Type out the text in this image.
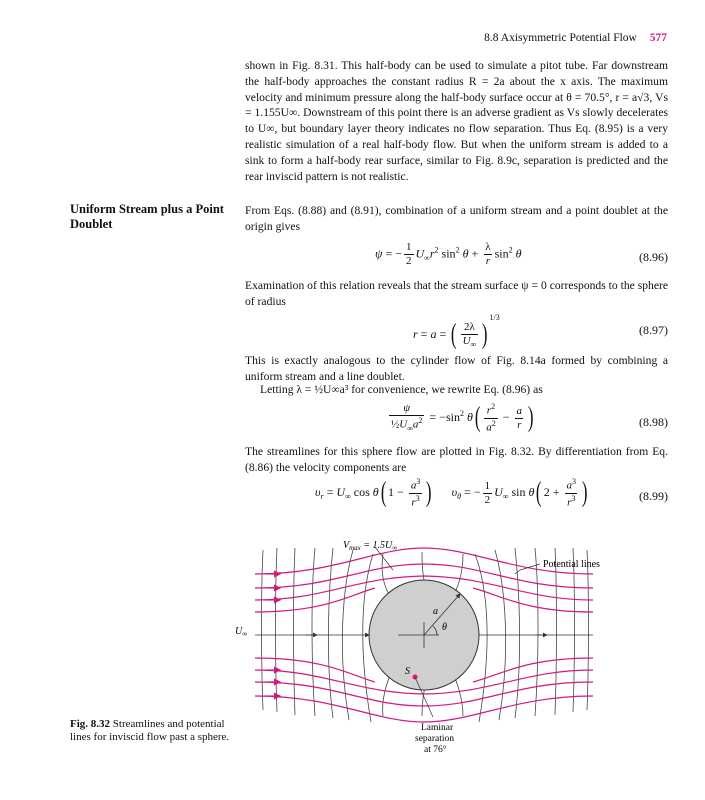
8.8 Axisymmetric Potential Flow 577
shown in Fig. 8.31. This half-body can be used to simulate a pitot tube. Far downstream the half-body approaches the constant radius R = 2a about the x axis. The maximum velocity and minimum pressure along the half-body surface occur at θ = 70.5°, r = a√3, Vs = 1.155U∞. Downstream of this point there is an adverse gradient as Vs slowly decelerates to U∞, but boundary layer theory indicates no flow separation. Thus Eq. (8.95) is a very realistic simulation of a real half-body flow. But when the uniform stream is added to a sink to form a half-body rear surface, similar to Fig. 8.9c, separation is predicted and the rear inviscid pattern is not realistic.
Uniform Stream plus a Point Doublet
From Eqs. (8.88) and (8.91), combination of a uniform stream and a point doublet at the origin gives
ψ = − $\frac{1}{2} U_\infty r^2$ $\sin^2 \theta + \frac{\lambda}{r} \sin^2 \theta$	(8.96)
Examination of this relation reveals that the stream surface ψ = 0 corresponds to the sphere of radius
r = a = ( $\frac{2\lambda}{U_\infty} )^{1/3}$
(8.97)
This is exactly analogous to the cylinder flow of Fig. 8.14a formed by combining a uniform stream and a line doublet.
Letting λ = ½U∞a³ for convenience, we rewrite Eq. (8.96) as
$\frac{\psi}{\frac{1}{2}U_\infty a^2} = -\sin^2$ $\theta( \frac{r^2}{a^2} - \frac{a}{r}$ )	(8.98)
The streamlines for this sphere flow are plotted in Fig. 8.32. By differentiation from Eq. (8.86) the velocity components are
$\upsilon_r = U_\infty$ cos θ( $1 - \frac{a^3}{r^3}$ ) $\upsilon_\theta$ = − $\frac{1}{2} U_\infty$ sin θ( $2 + \frac{a^3}{r^3}$ )	(8.99)
$V_{max} = 1.5U_\infty$
Potential lines
$U_\infty$
a
θ
S
Laminar
separation
at 76°
Fig. 8.32 Streamlines and potential lines for inviscid flow past a sphere.
